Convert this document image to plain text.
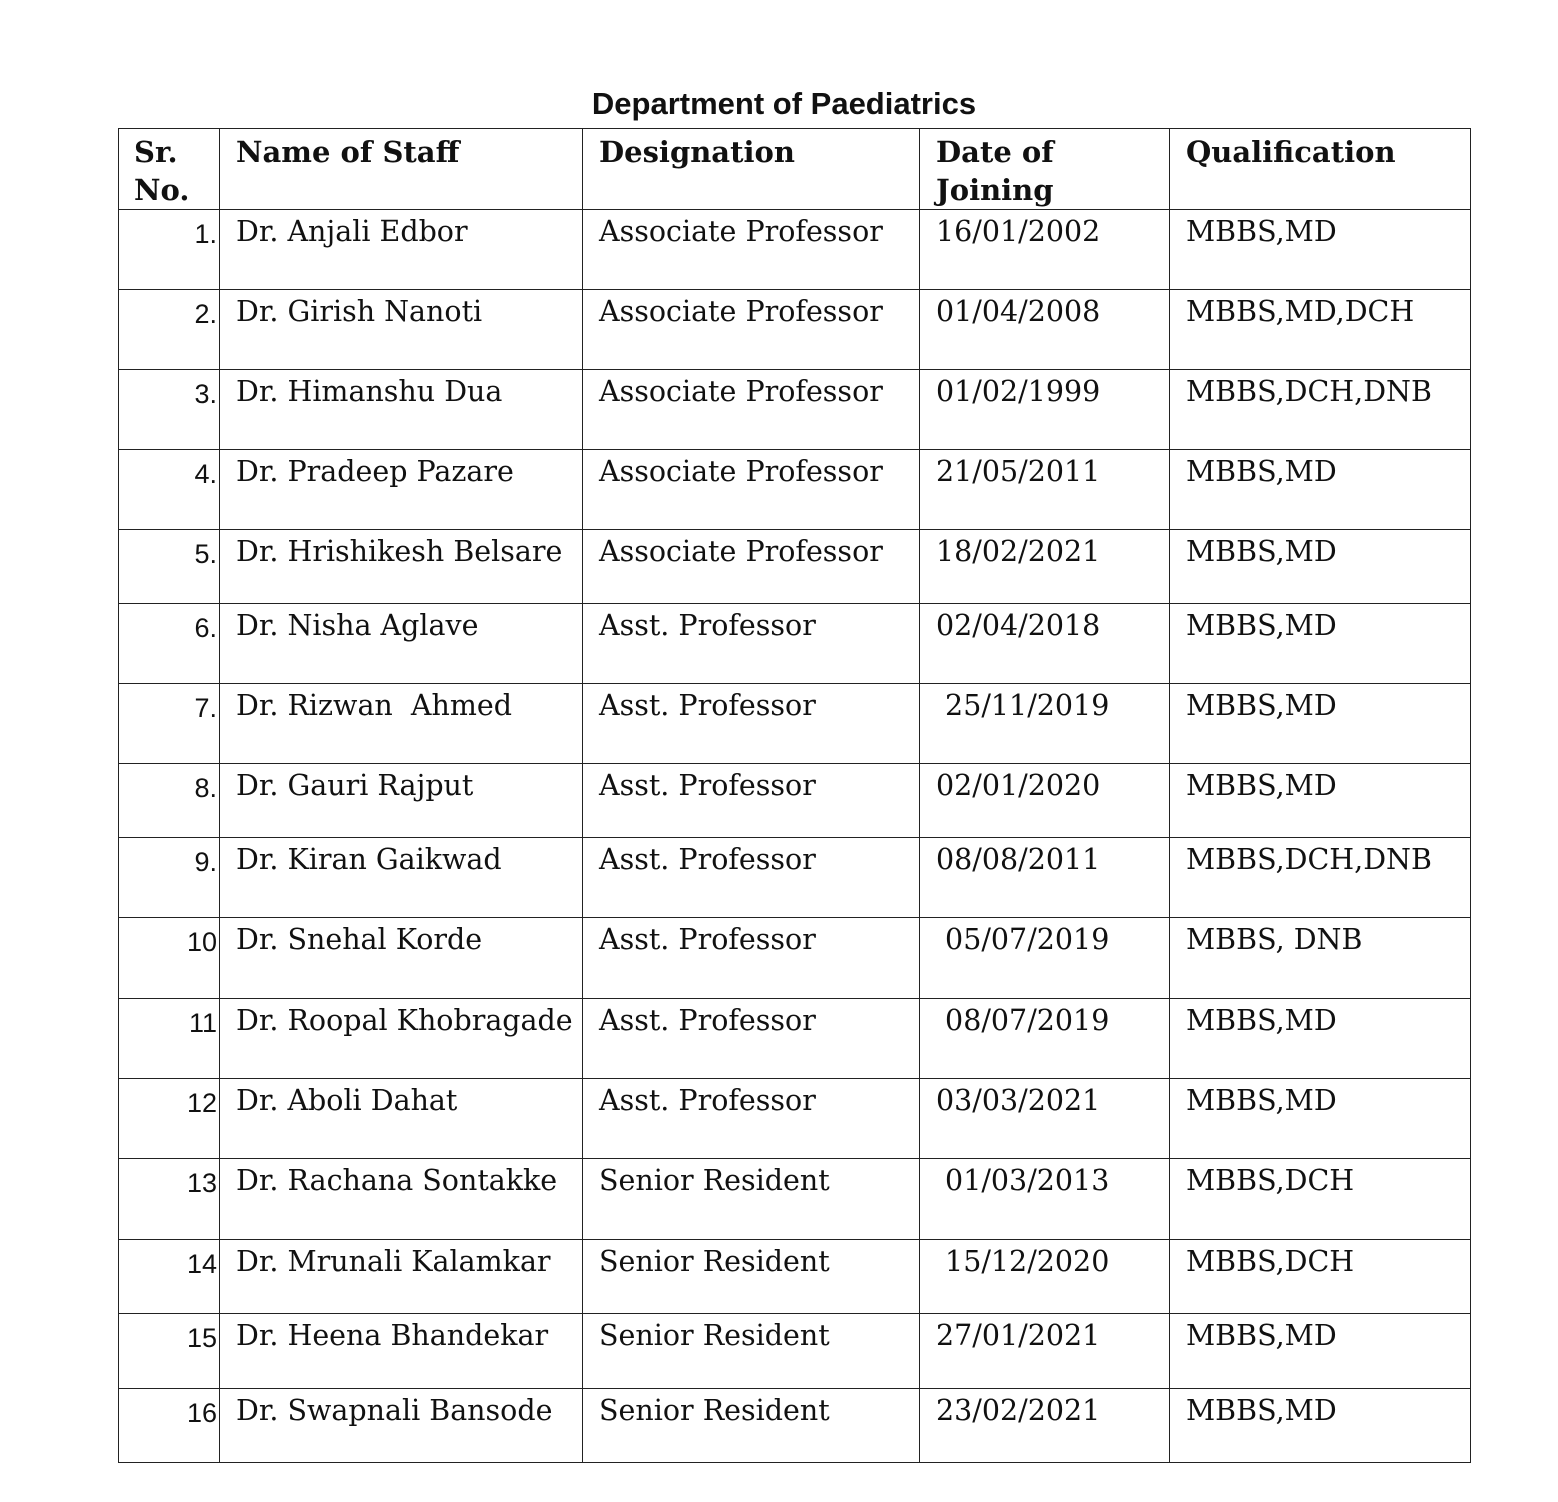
Department of Paediatrics
Sr. No.	Name of Staff	Designation	Date of Joining	Qualification
1.	Dr. Anjali Edbor	Associate Professor	16/01/2002	MBBS,MD
2.	Dr. Girish Nanoti	Associate Professor	01/04/2008	MBBS,MD,DCH
3.	Dr. Himanshu Dua	Associate Professor	01/02/1999	MBBS,DCH,DNB
4.	Dr. Pradeep Pazare	Associate Professor	21/05/2011	MBBS,MD
5.	Dr. Hrishikesh Belsare	Associate Professor	18/02/2021	MBBS,MD
6.	Dr. Nisha Aglave	Asst. Professor	02/04/2018	MBBS,MD
7.	Dr. Rizwan  Ahmed	Asst. Professor	25/11/2019	MBBS,MD
8.	Dr. Gauri Rajput	Asst. Professor	02/01/2020	MBBS,MD
9.	Dr. Kiran Gaikwad	Asst. Professor	08/08/2011	MBBS,DCH,DNB
10	Dr. Snehal Korde	Asst. Professor	05/07/2019	MBBS, DNB
11	Dr. Roopal Khobragade	Asst. Professor	08/07/2019	MBBS,MD
12	Dr. Aboli Dahat	Asst. Professor	03/03/2021	MBBS,MD
13	Dr. Rachana Sontakke	Senior Resident	01/03/2013	MBBS,DCH
14	Dr. Mrunali Kalamkar	Senior Resident	15/12/2020	MBBS,DCH
15	Dr. Heena Bhandekar	Senior Resident	27/01/2021	MBBS,MD
16	Dr. Swapnali Bansode	Senior Resident	23/02/2021	MBBS,MD
